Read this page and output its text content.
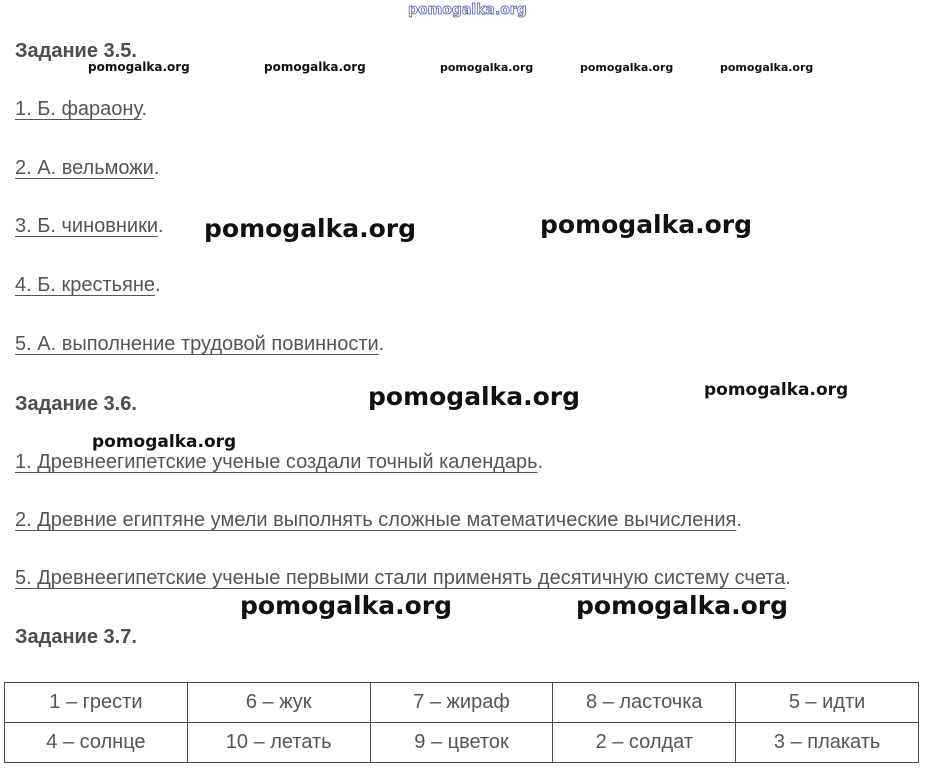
pomogalka.org
Задание 3.5.
1. Б. фараону.
2. А. вельможи.
3. Б. чиновники.
4. Б. крестьяне.
5. А. выполнение трудовой повинности.
Задание 3.6.
1. Древнеегипетские ученые создали точный календарь.
2. Древние египтяне умели выполнять сложные математические вычисления.
5. Древнеегипетские ученые первыми стали применять десятичную систему счета.
Задание 3.7.
1 – грести	6 – жук	7 – жираф	8 – ласточка	5 – идти
4 – солнце	10 – летать	9 – цветок	2 – солдат	3 – плакать
pomogalka.org	pomogalka.org	pomogalka.org	pomogalka.org	pomogalka.org
pomogalka.org	pomogalka.org
pomogalka.org	pomogalka.org
pomogalka.org
pomogalka.org	pomogalka.org
